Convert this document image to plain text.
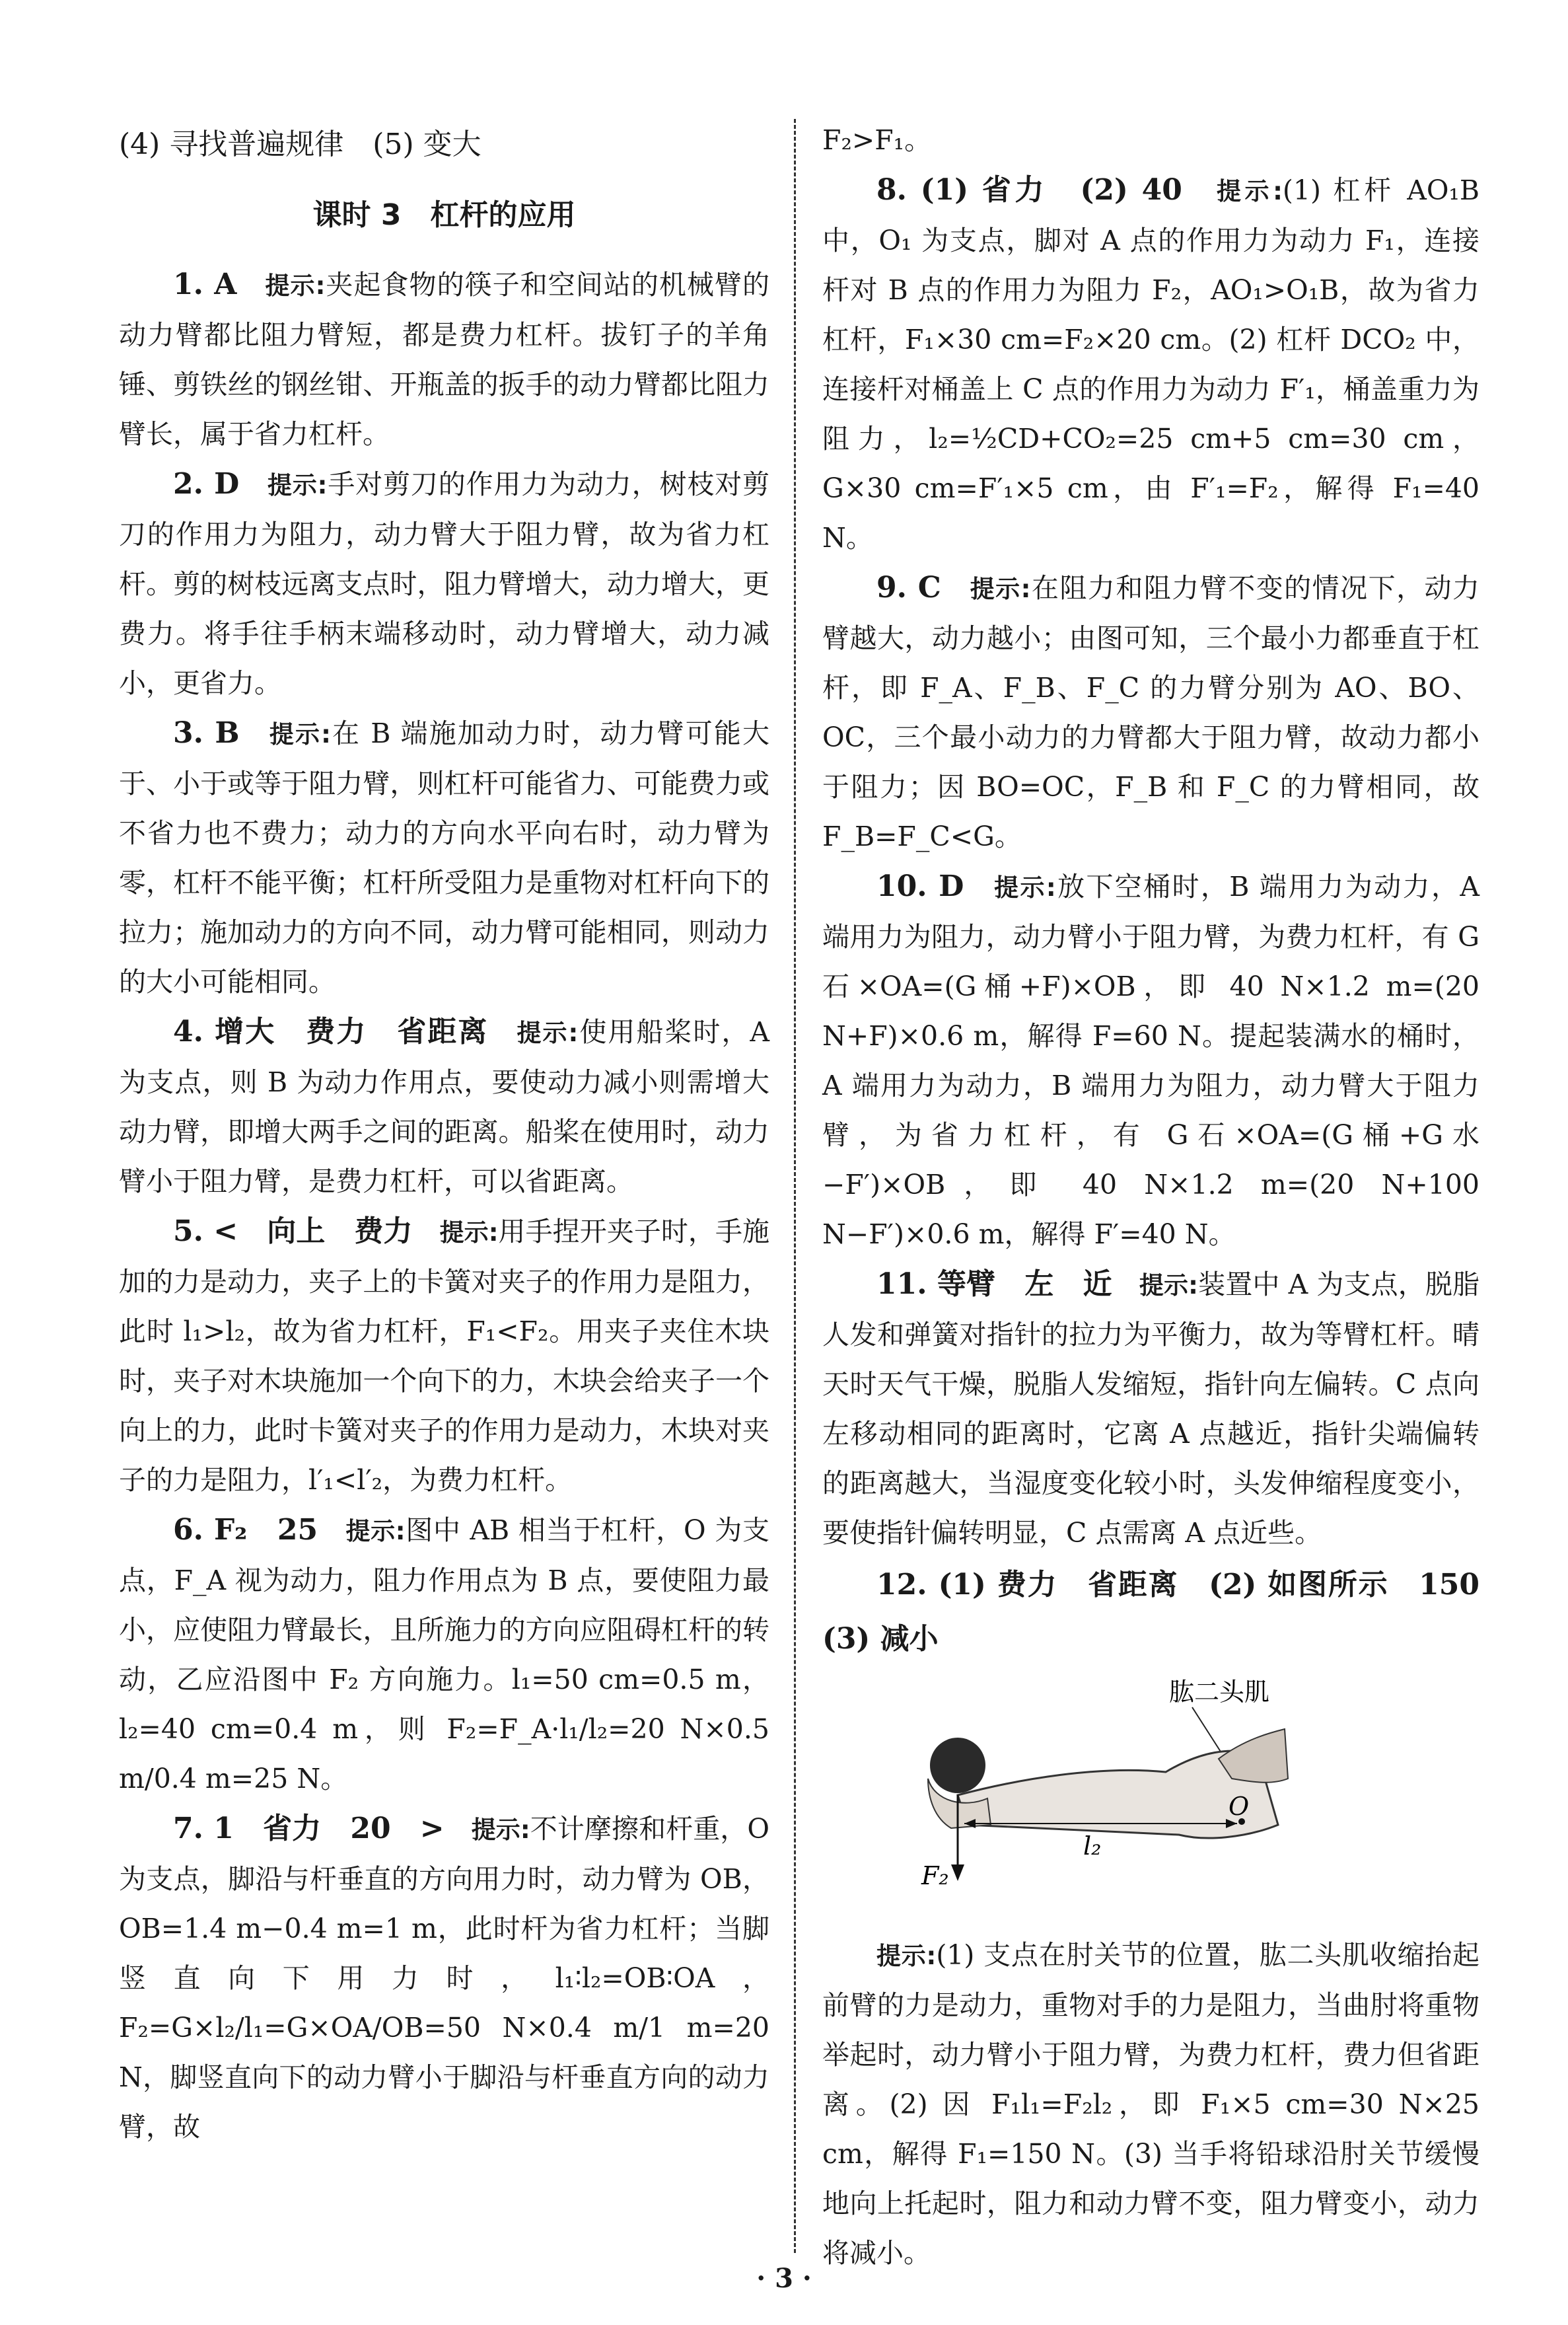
(4) 寻找普遍规律　(5) 变大

课时 3　杠杆的应用

1. A　 提示:夹起食物的筷子和空间站的机械臂的动力臂都比阻力臂短，都是费力杠杆。拔钉子的羊角锤、剪铁丝的钢丝钳、开瓶盖的扳手的动力臂都比阻力臂长，属于省力杠杆。

2. D　 提示:手对剪刀的作用力为动力，树枝对剪刀的作用力为阻力，动力臂大于阻力臂，故为省力杠杆。剪的树枝远离支点时，阻力臂增大，动力增大，更费力。将手往手柄末端移动时，动力臂增大，动力减小，更省力。

3. B　 提示:在 B 端施加动力时，动力臂可能大于、小于或等于阻力臂，则杠杆可能省力、可能费力或不省力也不费力；动力的方向水平向右时，动力臂为零，杠杆不能平衡；杠杆所受阻力是重物对杠杆向下的拉力；施加动力的方向不同，动力臂可能相同，则动力的大小可能相同。

4. 增大　费力　省距离　 提示:使用船桨时，A 为支点，则 B 为动力作用点，要使动力减小则需增大动力臂，即增大两手之间的距离。船桨在使用时，动力臂小于阻力臂，是费力杠杆，可以省距离。

5. <　向上　费力　 提示:用手捏开夹子时，手施加的力是动力，夹子上的卡簧对夹子的作用力是阻力，此时 l₁>l₂，故为省力杠杆，F₁<F₂。用夹子夹住木块时，夹子对木块施加一个向下的力，木块会给夹子一个向上的力，此时卡簧对夹子的作用力是动力，木块对夹子的力是阻力，l′₁<l′₂，为费力杠杆。

6. F₂　25　 提示:图中 AB 相当于杠杆，O 为支点，F_A 视为动力，阻力作用点为 B 点，要使阻力最小，应使阻力臂最长，且所施力的方向应阻碍杠杆的转动，乙应沿图中 F₂ 方向施力。l₁=50 cm=0.5 m，l₂=40 cm=0.4 m，则 F₂=F_A·l₁/l₂=20 N×0.5 m/0.4 m=25 N。

7. 1　省力　20　>　 提示:不计摩擦和杆重，O 为支点，脚沿与杆垂直的方向用力时，动力臂为 OB，OB=1.4 m−0.4 m=1 m，此时杆为省力杠杆；当脚竖直向下用力时，l₁∶l₂=OB∶OA，F₂=G×l₂/l₁=G×OA/OB=50 N×0.4 m/1 m=20 N，脚竖直向下的动力臂小于脚沿与杆垂直方向的动力臂，故

F₂>F₁。

8. (1) 省力　(2) 40　 提示:(1) 杠杆 AO₁B 中，O₁ 为支点，脚对 A 点的作用力为动力 F₁，连接杆对 B 点的作用力为阻力 F₂，AO₁>O₁B，故为省力杠杆，F₁×30 cm=F₂×20 cm。(2) 杠杆 DCO₂ 中，连接杆对桶盖上 C 点的作用力为动力 F′₁，桶盖重力为阻力，l₂=½CD+CO₂=25 cm+5 cm=30 cm，G×30 cm=F′₁×5 cm，由 F′₁=F₂，解得 F₁=40 N。

9. C　 提示:在阻力和阻力臂不变的情况下，动力臂越大，动力越小；由图可知，三个最小力都垂直于杠杆，即 F_A、F_B、F_C 的力臂分别为 AO、BO、OC，三个最小动力的力臂都大于阻力臂，故动力都小于阻力；因 BO=OC，F_B 和 F_C 的力臂相同，故 F_B=F_C<G。

10. D　 提示:放下空桶时，B 端用力为动力，A 端用力为阻力，动力臂小于阻力臂，为费力杠杆，有 G石×OA=(G桶+F)×OB，即 40 N×1.2 m=(20 N+F)×0.6 m，解得 F=60 N。提起装满水的桶时，A 端用力为动力，B 端用力为阻力，动力臂大于阻力臂，为省力杠杆，有 G石×OA=(G桶+G水−F′)×OB，即 40 N×1.2 m=(20 N+100 N−F′)×0.6 m，解得 F′=40 N。

11. 等臂　左　近　 提示:装置中 A 为支点，脱脂人发和弹簧对指针的拉力为平衡力，故为等臂杠杆。晴天时天气干燥，脱脂人发缩短，指针向左偏转。C 点向左移动相同的距离时，它离 A 点越近，指针尖端偏转的距离越大，当湿度变化较小时，头发伸缩程度变小，要使指针偏转明显，C 点需离 A 点近些。

12. (1) 费力　省距离　(2) 如图所示　150　(3) 减小

肱二头肌
O
F₂
l₂

提示:(1) 支点在肘关节的位置，肱二头肌收缩抬起前臂的力是动力，重物对手的力是阻力，当曲肘将重物举起时，动力臂小于阻力臂，为费力杠杆，费力但省距离。(2) 因 F₁l₁=F₂l₂，即 F₁×5 cm=30 N×25 cm，解得 F₁=150 N。(3) 当手将铅球沿肘关节缓慢地向上托起时，阻力和动力臂不变，阻力臂变小，动力将减小。

· 3 ·
